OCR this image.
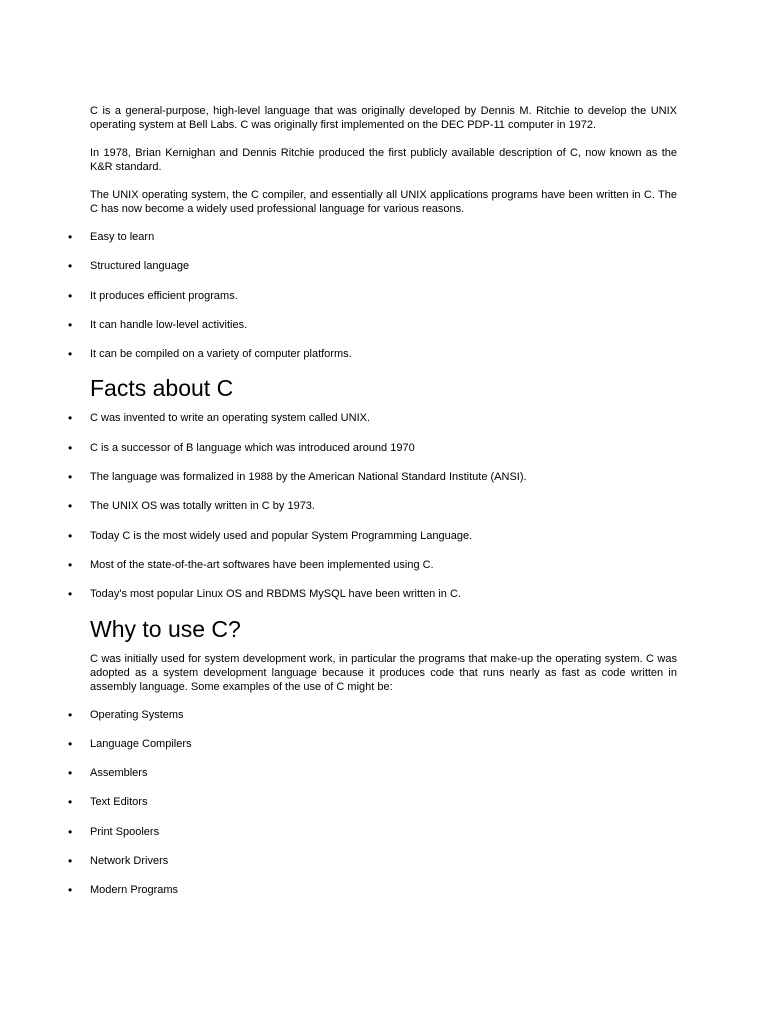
C is a general-purpose, high-level language that was originally developed by Dennis M. Ritchie to develop the UNIX operating system at Bell Labs. C was originally first implemented on the DEC PDP-11 computer in 1972.

In 1978, Brian Kernighan and Dennis Ritchie produced the first publicly available description of C, now known as the K&R standard.

The UNIX operating system, the C compiler, and essentially all UNIX applications programs have been written in C. The C has now become a widely used professional language for various reasons.

•	Easy to learn
•	Structured language
•	It produces efficient programs.
•	It can handle low-level activities.
•	It can be compiled on a variety of computer platforms.
Facts about C
•	C was invented to write an operating system called UNIX.
•	C is a successor of B language which was introduced around 1970
•	The language was formalized in 1988 by the American National Standard Institute (ANSI).
•	The UNIX OS was totally written in C by 1973.
•	Today C is the most widely used and popular System Programming Language.
•	Most of the state-of-the-art softwares have been implemented using C.
•	Today's most popular Linux OS and RBDMS MySQL have been written in C.
Why to use C?

C was initially used for system development work, in particular the programs that make-up the operating system. C was adopted as a system development language because it produces code that runs nearly as fast as code written in assembly language. Some examples of the use of C might be:

•	Operating Systems
•	Language Compilers
•	Assemblers
•	Text Editors
•	Print Spoolers
•	Network Drivers
•	Modern Programs
